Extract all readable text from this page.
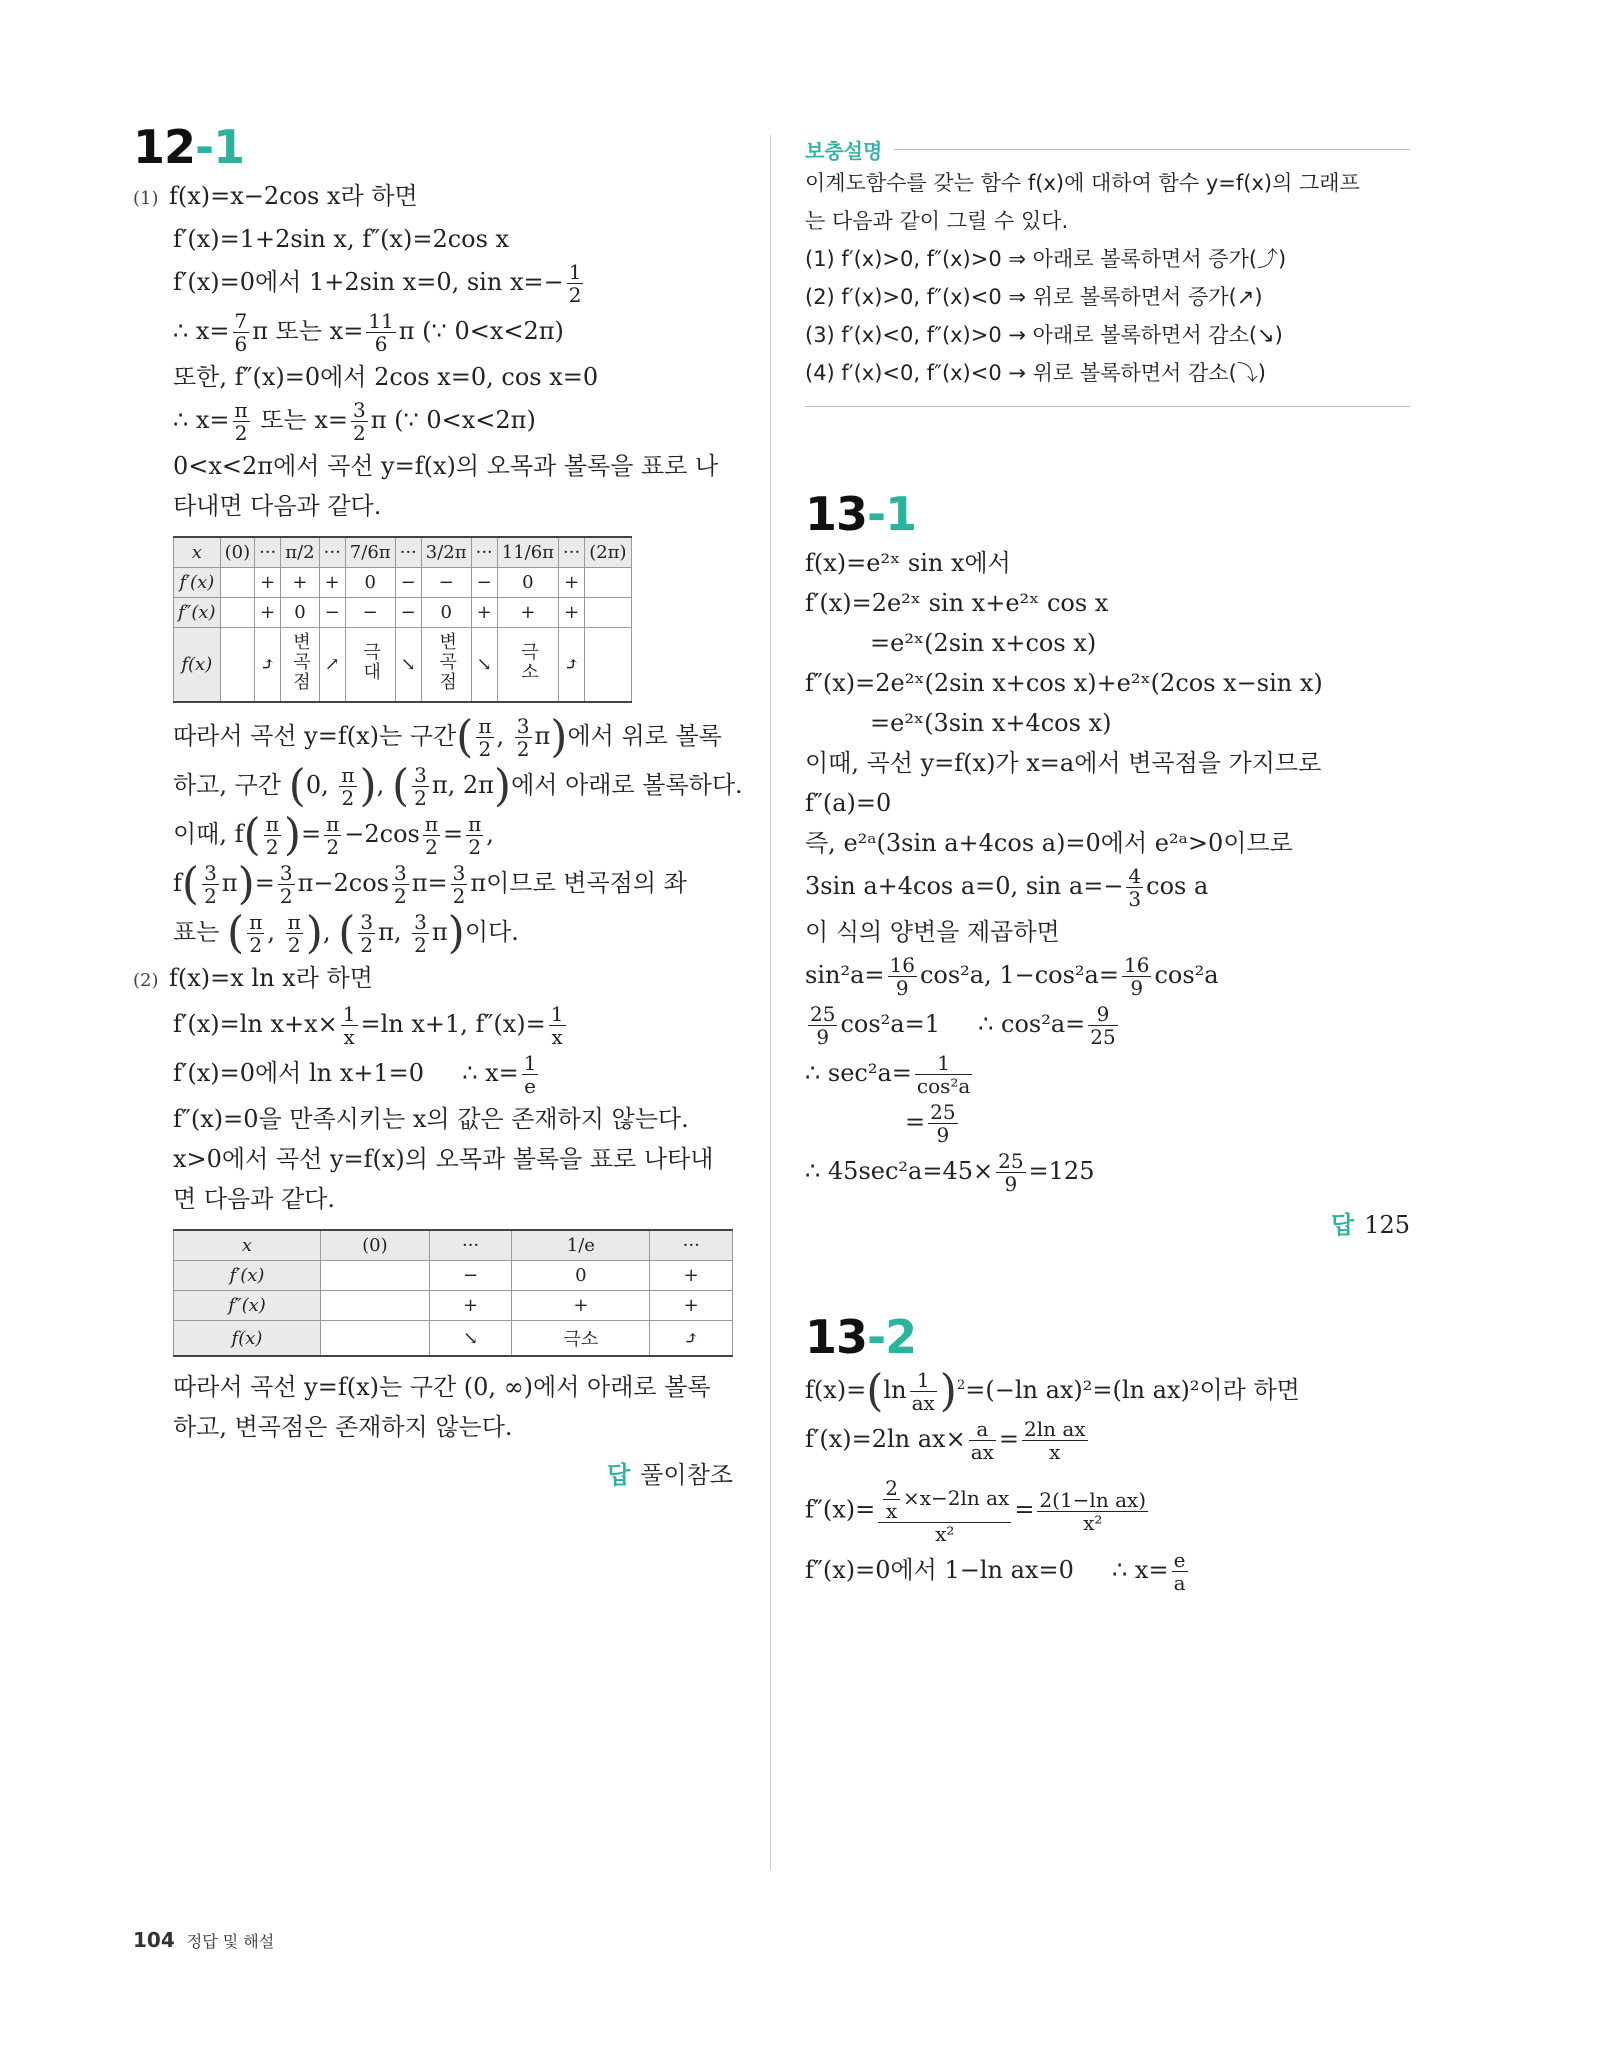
12-1
(1) f(x)=x−2cos x라 하면
f′(x)=1+2sin x, f″(x)=2cos x
f′(x)=0에서 1+2sin x=0, $\sin x=- \frac{1}{2}$
∴ $x= \frac{7}{6}$ π 또는 $x= \frac{11}{6}$ π (∵ 0<x<2π)
또한, f″(x)=0에서 2cos x=0, cos x=0
∴ $x= \frac{\pi}{2}$ 또는 $x= \frac{3}{2}$ π (∵ 0<x<2π)
0<x<2π에서 곡선 y=f(x)의 오목과 볼록을 표로 나
타내면 다음과 같다.
x	(0)	···	π/2	···	7/6π	···	3/2π	···	11/6π	···	(2π)
f′(x)		+	+	+	0	−	−	−	0	+	
f″(x)		+	0	−	−	−	0	+	+	+	
f(x)		⤴	변곡점	↗	극대	↘	변곡점	↘	극소	⤴	
따라서 곡선 y=f(x)는 구간( $\frac{\pi}{2}$ , $\frac{3}{2} \pi$)에서 위로 볼록
하고, 구간 (0, $\frac{\pi}{2}$ ), ( $\frac{3}{2} \pi$, 2π)에서 아래로 볼록하다.
이때, $f( \frac{\pi}{2}$ )= $\frac{\pi}{2} -2\cos \frac{\pi}{2} = \frac{\pi}{2}$ ,
$f( \frac{3}{2} \pi)= \frac{3}{2} \pi-2\cos \frac{3}{2} \pi= \frac{3}{2}$ π이므로 변곡점의 좌
표는 ( $\frac{\pi}{2}$ , $\frac{\pi}{2}$ ), ( $\frac{3}{2} \pi$, $\frac{3}{2} \pi$)이다.
(2) f(x)=x ln x라 하면
f′(x)=ln $x+x\times \frac{1}{x} =\ln$ x+1, $f''(x)= \frac{1}{x}$
f′(x)=0에서 ln x+1=0 ∴ $x= \frac{1}{e}$
f″(x)=0을 만족시키는 x의 값은 존재하지 않는다.
x>0에서 곡선 y=f(x)의 오목과 볼록을 표로 나타내
면 다음과 같다.
x	(0)	···	1/e	···
f′(x)		−	0	+
f″(x)		+	+	+
f(x)		↘	극소	⤴
따라서 곡선 y=f(x)는 구간 (0, ∞)에서 아래로 볼록
하고, 변곡점은 존재하지 않는다.
답 풀이참조
보충설명
이계도함수를 갖는 함수 f(x)에 대하여 함수 y=f(x)의 그래프
는 다음과 같이 그릴 수 있다.
(1) f′(x)>0, f″(x)>0 ⇒ 아래로 볼록하면서 증가(⤴)
(2) f′(x)>0, f″(x)<0 ⇒ 위로 볼록하면서 증가(↗)
(3) f′(x)<0, f″(x)>0 → 아래로 볼록하면서 감소(↘)
(4) f′(x)<0, f″(x)<0 → 위로 볼록하면서 감소(⤵)
13-1
f(x)=e²ˣ sin x에서
f′(x)=2e²ˣ sin x+e²ˣ cos x
=e²ˣ(2sin x+cos x)
f″(x)=2e²ˣ(2sin x+cos x)+e²ˣ(2cos x−sin x)
=e²ˣ(3sin x+4cos x)
이때, 곡선 y=f(x)가 x=a에서 변곡점을 가지므로
f″(a)=0
즉, e²ᵃ(3sin a+4cos a)=0에서 e²ᵃ>0이므로
3sin a+4cos a=0, $\sin a=- \frac{4}{3}$ cos a
이 식의 양변을 제곱하면
$\sin^2a= \frac{16}{9} \cos^2a$, $1-\cos^2a= \frac{16}{9} \cos^2a$
$\frac{25}{9} \cos^2a=1$ ∴ $\cos^2a= \frac{9}{25}$
∴ $\sec^2a= \frac{1}{\text{cos²a}}$
= $\frac{25}{9}$
∴ $45\sec^2a=45\times \frac{25}{9} =125$
답 125
13-2
$f(x)=(\ln \frac{1}{ax} )^2=(-\ln$ ax)²=(ln ax)²이라 하면
f′(x)=2ln $ax\times \frac{a}{ax} = \frac{\text{2ln ax}}{x}$
$f''(x)= \frac{\frac{2}{x} \times x-2\ln ax}{\text{x²}} = \frac{\text{2(1−ln ax)}}{\text{x²}}$
f″(x)=0에서 1−ln ax=0 ∴ $x= \frac{e}{a}$
104 정답 및 해설
